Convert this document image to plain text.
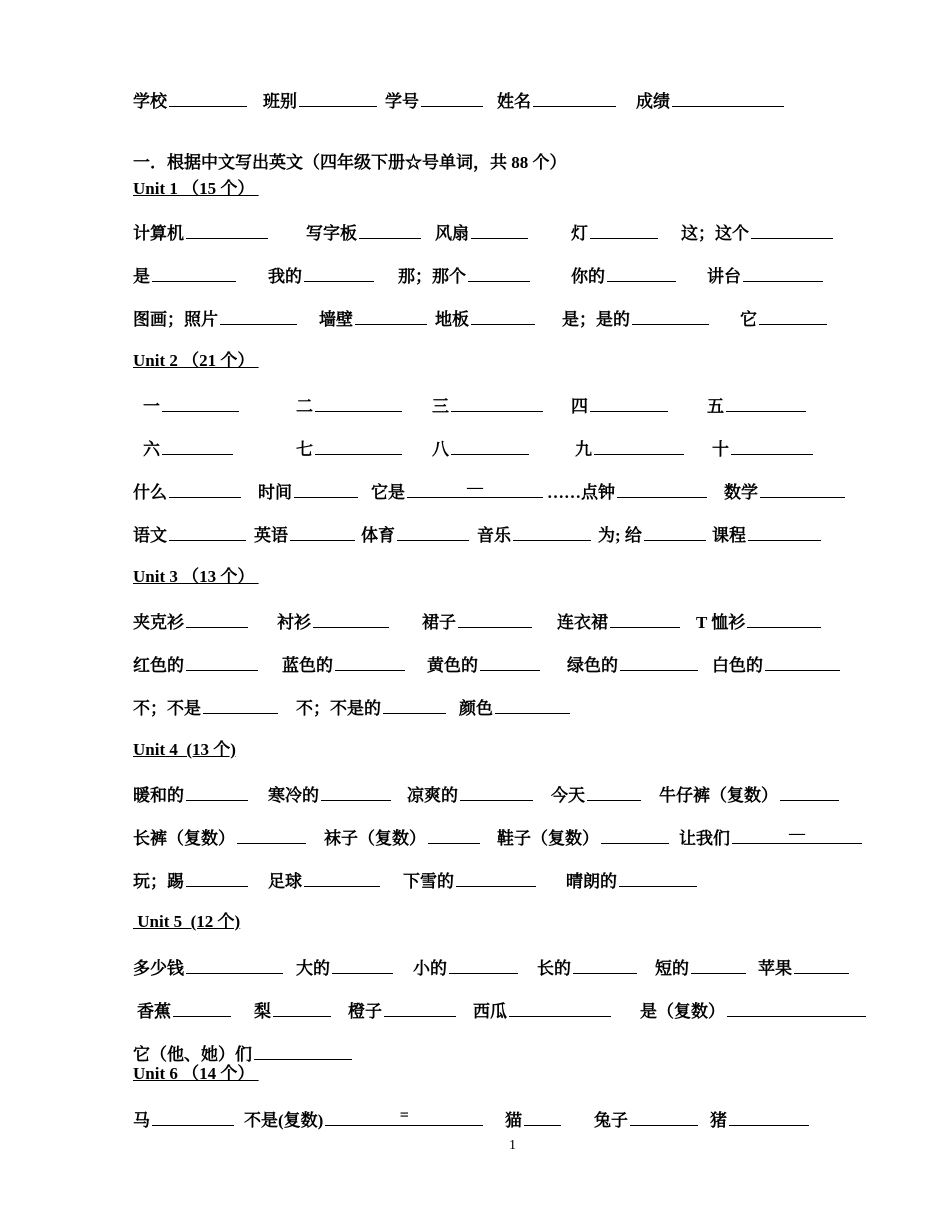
学校	班别	学号	姓名	成绩
一．根据中文写出英文（四年级下册☆号单词，共 88 个）
Unit 1 （15 个）
计算机	写字板	风扇	灯	这；这个
是	我的	那；那个	你的	讲台
图画；照片	墙壁	地板	是；是的	它
Unit 2 （21 个）
一	二	三	四	五
六	七	八	九	十
什么	时间	它是	—	……点钟	数学
语文	英语	体育	音乐	为; 给	课程
Unit 3 （13 个）
夹克衫	衬衫	裙子	连衣裙	T 恤衫
红色的	蓝色的	黄色的	绿色的	白色的
不；不是	不；不是的	颜色
Unit 4  (13 个)
暖和的	寒冷的	凉爽的	今天	牛仔裤（复数）
长裤（复数）	袜子（复数）	鞋子（复数）	让我们	—
玩；踢	足球	下雪的	晴朗的
Unit 5  (12 个)
多少钱	大的	小的	长的	短的	苹果
香蕉	梨	橙子	西瓜	是（复数）
它（他、她）们
Unit 6 （14 个）
马	不是(复数)	=	猫	兔子	猪
1
